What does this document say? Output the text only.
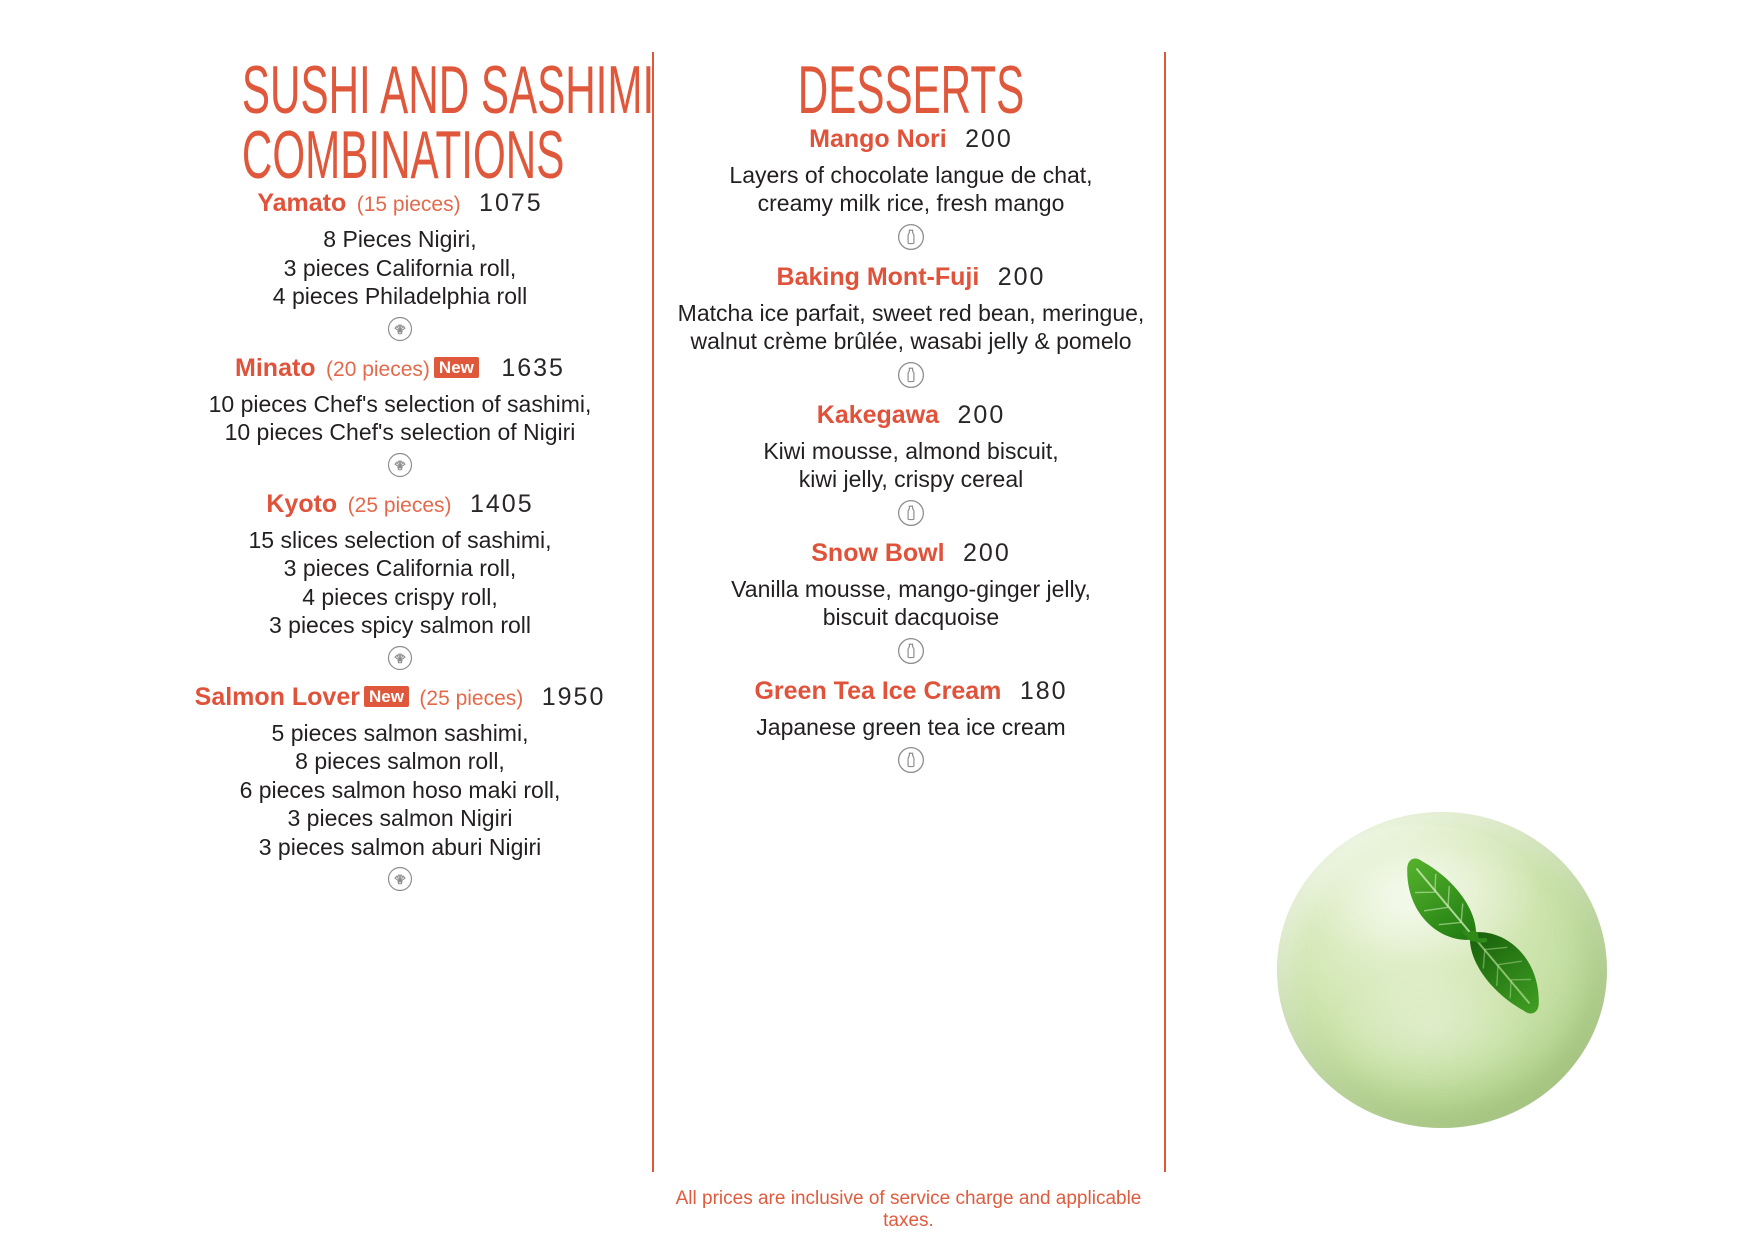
SUSHI AND SASHIMI
COMBINATIONS
Yamato (15 pieces) 1075
8 Pieces Nigiri,
3 pieces California roll,
4 pieces Philadelphia roll
Minato (20 pieces) New 1635
10 pieces Chef's selection of sashimi,
10 pieces Chef's selection of Nigiri
Kyoto (25 pieces) 1405
15 slices selection of sashimi,
3 pieces California roll,
4 pieces crispy roll,
3 pieces spicy salmon roll
Salmon Lover New (25 pieces) 1950
5 pieces salmon sashimi,
8 pieces salmon roll,
6 pieces salmon hoso maki roll,
3 pieces salmon Nigiri
3 pieces salmon aburi Nigiri
DESSERTS
Mango Nori 200
Layers of chocolate langue de chat,
creamy milk rice, fresh mango
Baking Mont-Fuji 200
Matcha ice parfait, sweet red bean, meringue,
walnut crème brûlée, wasabi jelly & pomelo
Kakegawa 200
Kiwi mousse, almond biscuit,
kiwi jelly, crispy cereal
Snow Bowl 200
Vanilla mousse, mango-ginger jelly,
biscuit dacquoise
Green Tea Ice Cream 180
Japanese green tea ice cream
All prices are inclusive of service charge and applicable taxes.
